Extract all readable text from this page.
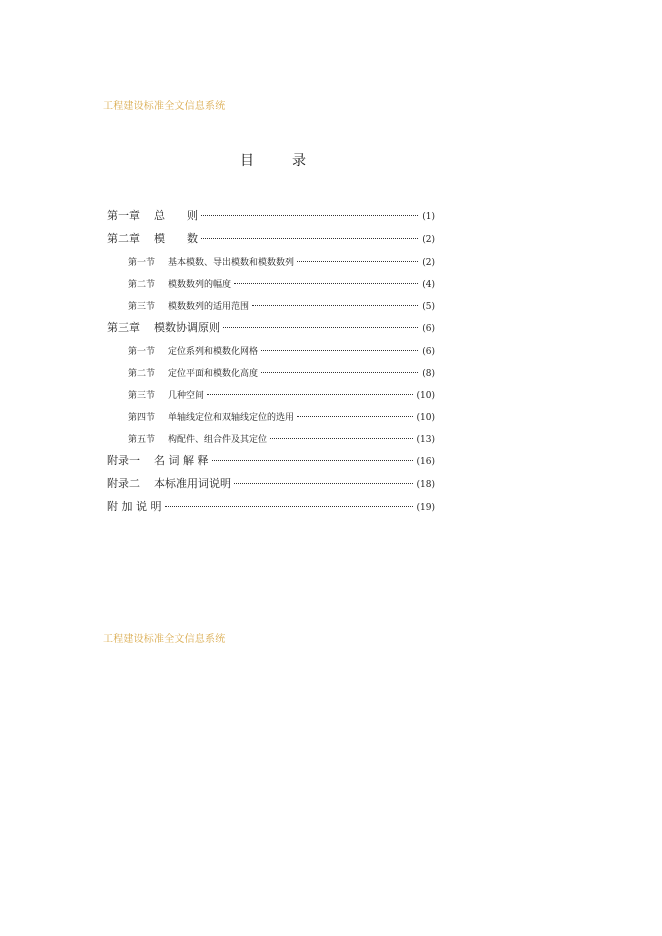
工程建设标准全文信息系统
目	录
第一章	总　　则	(1)
第二章	模　　数	(2)
第一节	基本模数、导出模数和模数数列	(2)
第二节	模数数列的幅度	(4)
第三节	模数数列的适用范围	(5)
第三章	模数协调原则	(6)
第一节	定位系列和模数化网格	(6)
第二节	定位平面和模数化高度	(8)
第三节	几种空间	(10)
第四节	单轴线定位和双轴线定位的选用	(10)
第五节	构配件、组合件及其定位	(13)
附录一	名 词 解 释	(16)
附录二	本标准用词说明	(18)
附 加 说 明	(19)
工程建设标准全文信息系统
